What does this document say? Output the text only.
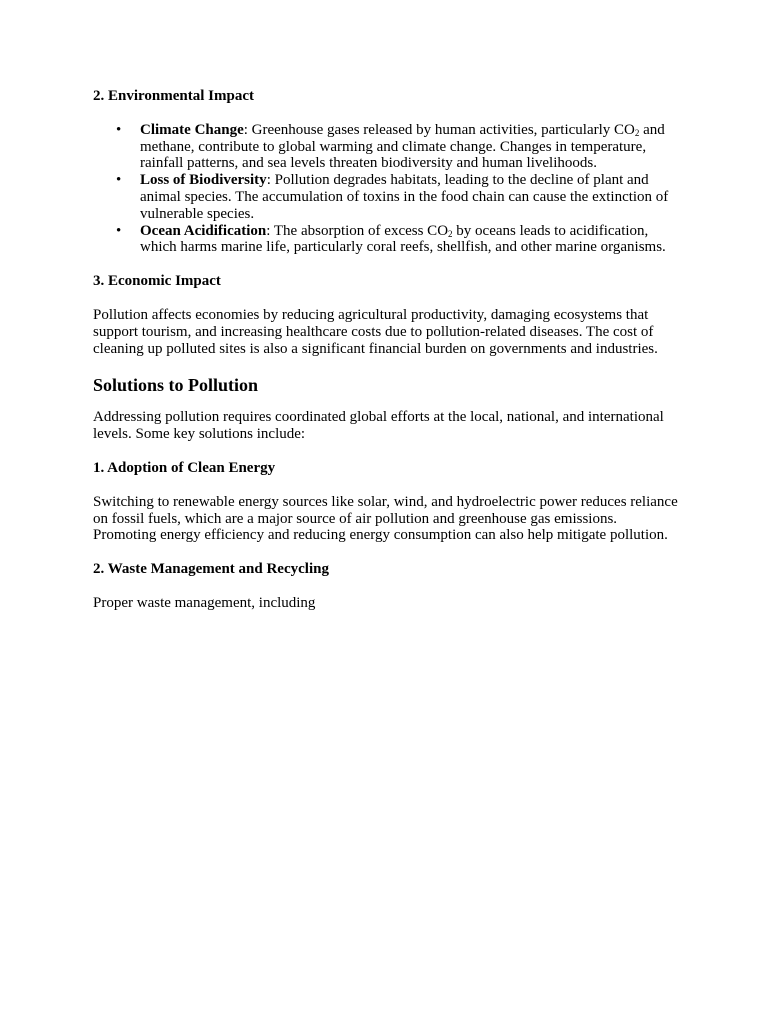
2. Environmental Impact
• Climate Change: Greenhouse gases released by human activities, particularly $CO_2$ and methane, contribute to global warming and climate change. Changes in temperature, rainfall patterns, and sea levels threaten biodiversity and human livelihoods.
• Loss of Biodiversity: Pollution degrades habitats, leading to the decline of plant and animal species. The accumulation of toxins in the food chain can cause the extinction of vulnerable species.
• Ocean Acidification: The absorption of excess $CO_2$ by oceans leads to acidification, which harms marine life, particularly coral reefs, shellfish, and other marine organisms.
3. Economic Impact

Pollution affects economies by reducing agricultural productivity, damaging ecosystems that support tourism, and increasing healthcare costs due to pollution-related diseases. The cost of cleaning up polluted sites is also a significant financial burden on governments and industries.

Solutions to Pollution

Addressing pollution requires coordinated global efforts at the local, national, and international levels. Some key solutions include:

1. Adoption of Clean Energy

Switching to renewable energy sources like solar, wind, and hydroelectric power reduces reliance on fossil fuels, which are a major source of air pollution and greenhouse gas emissions. Promoting energy efficiency and reducing energy consumption can also help mitigate pollution.

2. Waste Management and Recycling

Proper waste management, including
